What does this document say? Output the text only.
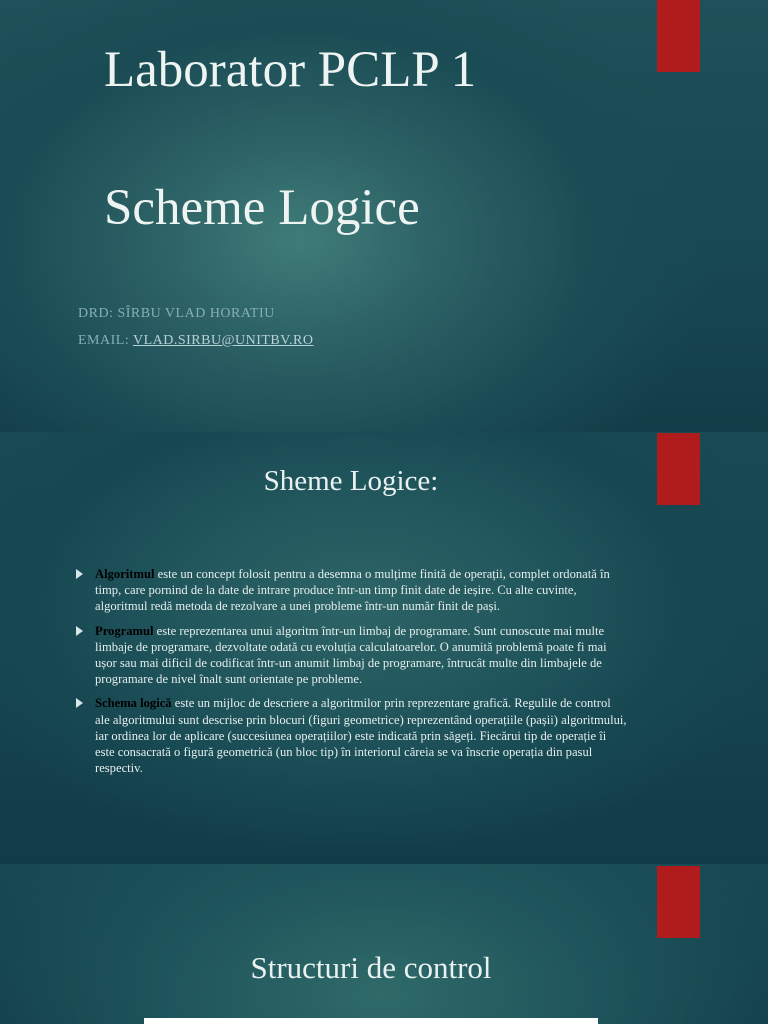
Laborator PCLP 1
Scheme Logice
DRD: SÎRBU VLAD HORATIU
EMAIL: VLAD.SIRBU@UNITBV.RO
Sheme Logice:
Algoritmul este un concept folosit pentru a desemna o mulțime finită de operații, complet ordonată în timp, care pornind de la date de intrare produce într-un timp finit date de ieșire. Cu alte cuvinte, algoritmul redă metoda de rezolvare a unei probleme într-un număr finit de pași.
Programul este reprezentarea unui algoritm într-un limbaj de programare. Sunt cunoscute mai multe limbaje de programare, dezvoltate odată cu evoluția calculatoarelor. O anumită problemă poate fi mai ușor sau mai dificil de codificat într-un anumit limbaj de programare, întrucât multe din limbajele de programare de nivel înalt sunt orientate pe probleme.
Schema logică este un mijloc de descriere a algoritmilor prin reprezentare grafică. Regulile de control ale algoritmului sunt descrise prin blocuri (figuri geometrice) reprezentând operațiile (pașii) algoritmului, iar ordinea lor de aplicare (succesiunea operațiilor) este indicată prin săgeți. Fiecărui tip de operație îi este consacrată o figură geometrică (un bloc tip) în interiorul căreia se va înscrie operația din pasul respectiv.
Structuri de control
